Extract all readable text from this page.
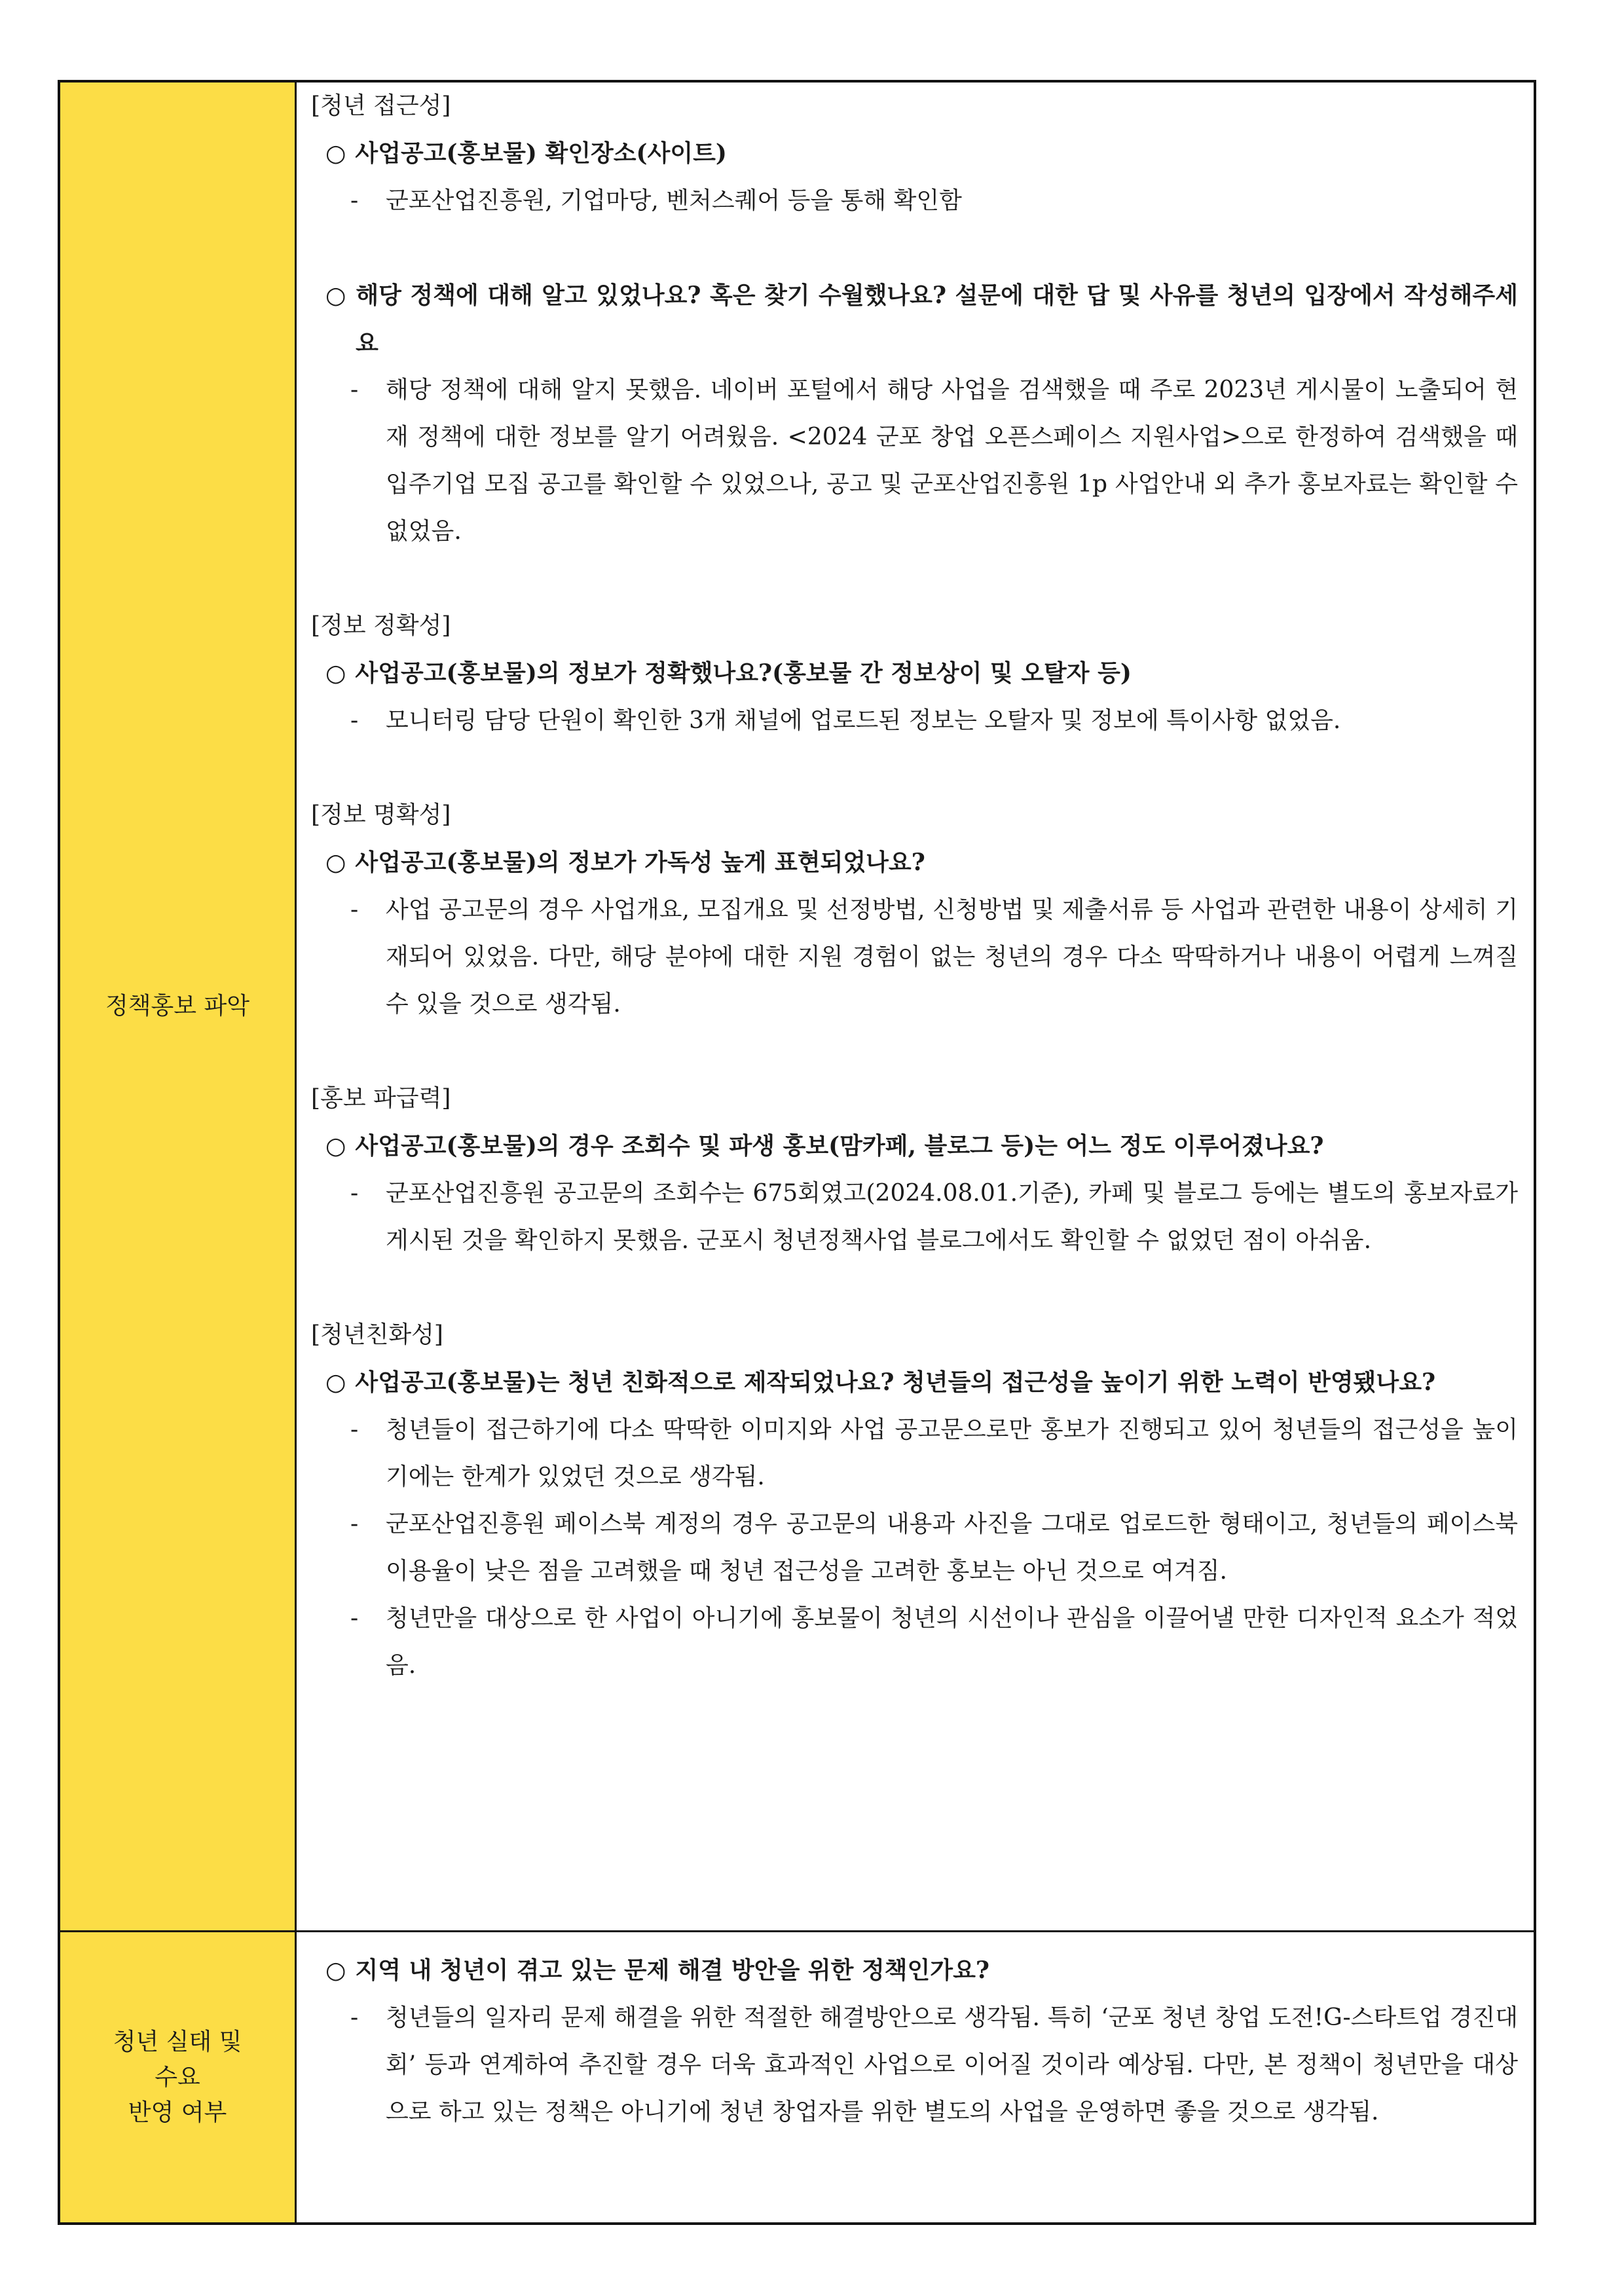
정책홍보 파악
[청년 접근성]
○ 사업공고(홍보물) 확인장소(사이트)
- 군포산업진흥원, 기업마당, 벤처스퀘어 등을 통해 확인함
○ 해당 정책에 대해 알고 있었나요? 혹은 찾기 수월했나요? 설문에 대한 답 및 사유를 청년의 입장에서 작성해주세요
- 해당 정책에 대해 알지 못했음. 네이버 포털에서 해당 사업을 검색했을 때 주로 2023년 게시물이 노출되어 현재 정책에 대한 정보를 알기 어려웠음. <2024 군포 창업 오픈스페이스 지원사업>으로 한정하여 검색했을 때 입주기업 모집 공고를 확인할 수 있었으나, 공고 및 군포산업진흥원 1p 사업안내 외 추가 홍보자료는 확인할 수 없었음.
[정보 정확성]
○ 사업공고(홍보물)의 정보가 정확했나요?(홍보물 간 정보상이 및 오탈자 등)
- 모니터링 담당 단원이 확인한 3개 채널에 업로드된 정보는 오탈자 및 정보에 특이사항 없었음.
[정보 명확성]
○ 사업공고(홍보물)의 정보가 가독성 높게 표현되었나요?
- 사업 공고문의 경우 사업개요, 모집개요 및 선정방법, 신청방법 및 제출서류 등 사업과 관련한 내용이 상세히 기재되어 있었음. 다만, 해당 분야에 대한 지원 경험이 없는 청년의 경우 다소 딱딱하거나 내용이 어렵게 느껴질 수 있을 것으로 생각됨.
[홍보 파급력]
○ 사업공고(홍보물)의 경우 조회수 및 파생 홍보(맘카페, 블로그 등)는 어느 정도 이루어졌나요?
- 군포산업진흥원 공고문의 조회수는 675회였고(2024.08.01.기준), 카페 및 블로그 등에는 별도의 홍보자료가 게시된 것을 확인하지 못했음. 군포시 청년정책사업 블로그에서도 확인할 수 없었던 점이 아쉬움.
[청년친화성]
○ 사업공고(홍보물)는 청년 친화적으로 제작되었나요? 청년들의 접근성을 높이기 위한 노력이 반영됐나요?
- 청년들이 접근하기에 다소 딱딱한 이미지와 사업 공고문으로만 홍보가 진행되고 있어 청년들의 접근성을 높이기에는 한계가 있었던 것으로 생각됨.
- 군포산업진흥원 페이스북 계정의 경우 공고문의 내용과 사진을 그대로 업로드한 형태이고, 청년들의 페이스북 이용율이 낮은 점을 고려했을 때 청년 접근성을 고려한 홍보는 아닌 것으로 여겨짐.
- 청년만을 대상으로 한 사업이 아니기에 홍보물이 청년의 시선이나 관심을 이끌어낼 만한 디자인적 요소가 적었음.
청년 실태 및
수요
반영 여부
○ 지역 내 청년이 겪고 있는 문제 해결 방안을 위한 정책인가요?
- 청년들의 일자리 문제 해결을 위한 적절한 해결방안으로 생각됨. 특히 ‘군포 청년 창업 도전!G-스타트업 경진대회’ 등과 연계하여 추진할 경우 더욱 효과적인 사업으로 이어질 것이라 예상됨. 다만, 본 정책이 청년만을 대상으로 하고 있는 정책은 아니기에 청년 창업자를 위한 별도의 사업을 운영하면 좋을 것으로 생각됨.
